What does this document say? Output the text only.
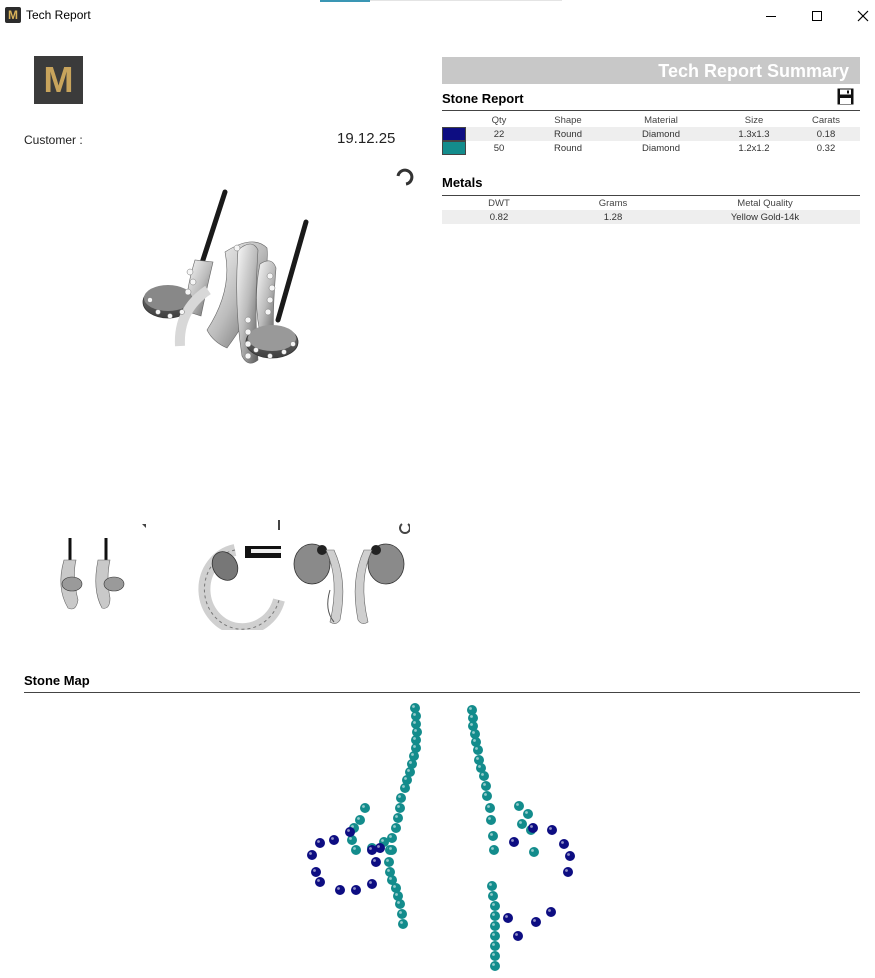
M Tech Report
M
Customer :	19.12.25
Tech Report Summary
Stone Report
	Qty	Shape	Material	Size	Carats
	22	Round	Diamond	1.3x1.3	0.18
	50	Round	Diamond	1.2x1.2	0.32
Metals
DWT	Grams	Metal Quality
0.82	1.28	Yellow Gold-14k
Stone Map
